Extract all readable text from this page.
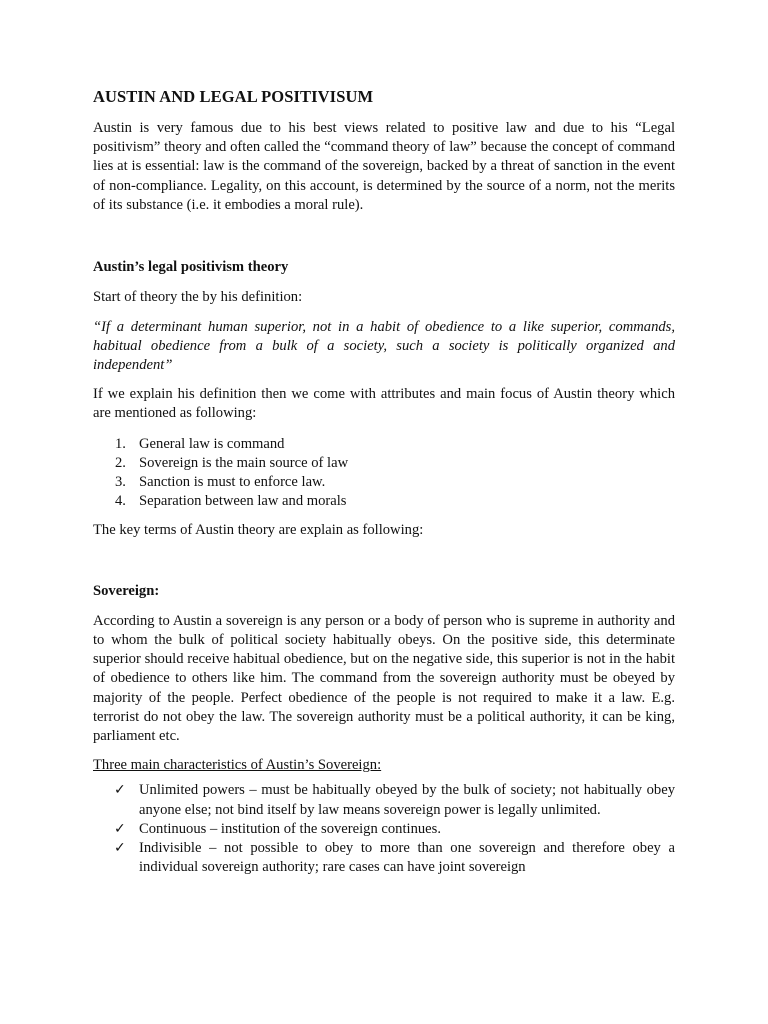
AUSTIN AND LEGAL POSITIVISUM

Austin is very famous due to his best views related to positive law and due to his “Legal positivism” theory and often called the “command theory of law” because the concept of command lies at is essential: law is the command of the sovereign, backed by a threat of sanction in the event of non-compliance. Legality, on this account, is determined by the source of a norm, not the merits of its substance (i.e. it embodies a moral rule).

Austin’s legal positivism theory

Start of theory the by his definition:

“If a determinant human superior, not in a habit of obedience to a like superior, commands, habitual obedience from a bulk of a society, such a society is politically organized and independent”

If we explain his definition then we come with attributes and main focus of Austin theory which are mentioned as following:

1. General law is command
2. Sovereign is the main source of law
3. Sanction is must to enforce law.
4. Separation between law and morals

The key terms of Austin theory are explain as following:

Sovereign:

According to Austin a sovereign is any person or a body of person who is supreme in authority and to whom the bulk of political society habitually obeys. On the positive side, this determinate superior should receive habitual obedience, but on the negative side, this superior is not in the habit of obedience to others like him. The command from the sovereign authority must be obeyed by majority of the people. Perfect obedience of the people is not required to make it a law. E.g. terrorist do not obey the law. The sovereign authority must be a political authority, it can be king, parliament etc.

Three main characteristics of Austin’s Sovereign:

✓ Unlimited powers – must be habitually obeyed by the bulk of society; not habitually obey anyone else; not bind itself by law means sovereign power is legally unlimited.
✓ Continuous – institution of the sovereign continues.
✓ Indivisible – not possible to obey to more than one sovereign and therefore obey a individual sovereign authority; rare cases can have joint sovereign
